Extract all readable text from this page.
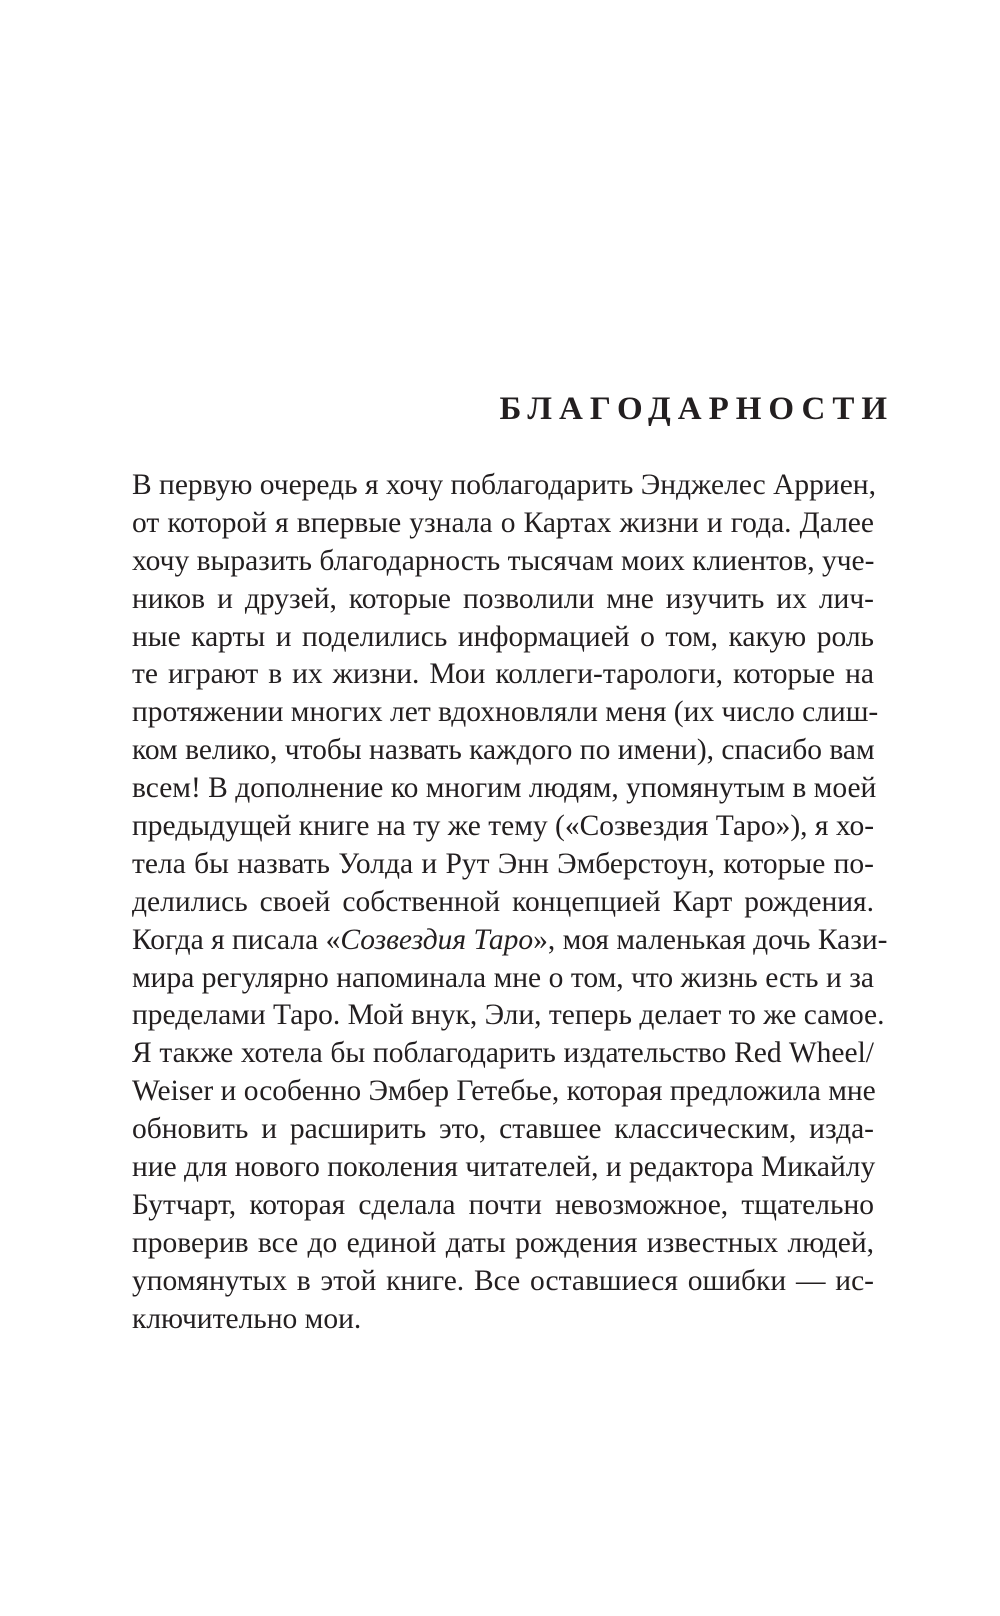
БЛАГОДАРНОСТИ
В первую очередь я хочу поблагодарить Энджелес Арриен,
от которой я впервые узнала о Картах жизни и года. Далее
хочу выразить благодарность тысячам моих клиентов, уче-
ников и друзей, которые позволили мне изучить их лич-
ные карты и поделились информацией о том, какую роль
те играют в их жизни. Мои коллеги-тарологи, которые на
протяжении многих лет вдохновляли меня (их число слиш-
ком велико, чтобы назвать каждого по имени), спасибо вам
всем! В дополнение ко многим людям, упомянутым в моей
предыдущей книге на ту же тему («Созвездия Таро»), я хо-
тела бы назвать Уолда и Рут Энн Эмберстоун, которые по-
делились своей собственной концепцией Карт рождения.
Когда я писала «Созвездия Таро», моя маленькая дочь Кази-
мира регулярно напоминала мне о том, что жизнь есть и за
пределами Таро. Мой внук, Эли, теперь делает то же самое.
Я также хотела бы поблагодарить издательство Red Wheel/
Weiser и особенно Эмбер Гетебье, которая предложила мне
обновить и расширить это, ставшее классическим, изда-
ние для нового поколения читателей, и редактора Микайлу
Бутчарт, которая сделала почти невозможное, тщательно
проверив все до единой даты рождения известных людей,
упомянутых в этой книге. Все оставшиеся ошибки — ис-
ключительно мои.
